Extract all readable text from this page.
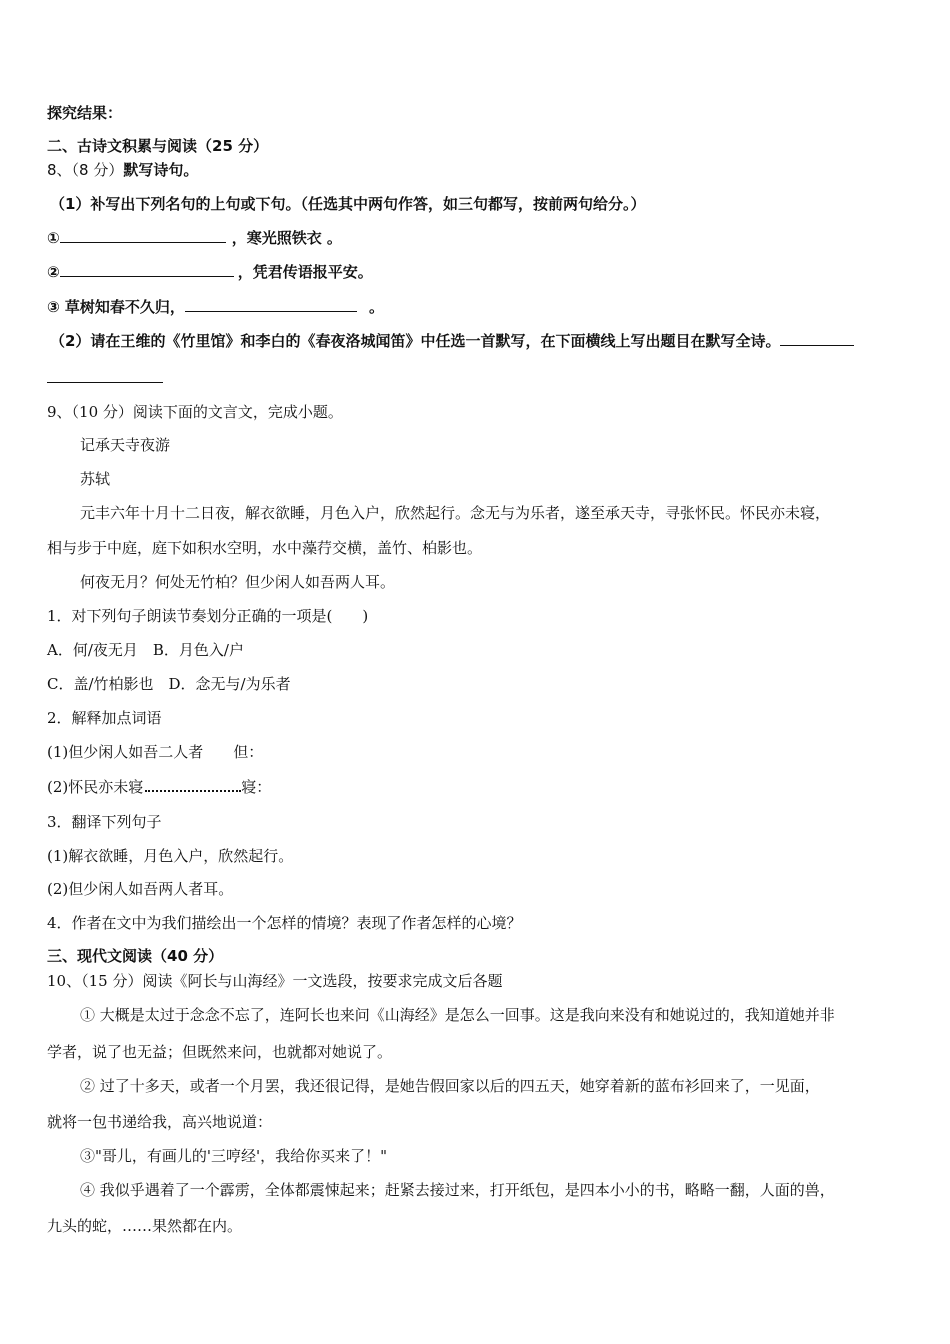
探究结果：
二、古诗文积累与阅读（25 分）
8、（8 分）默写诗句。
（1）补写出下列名句的上句或下句。（任选其中两句作答，如三句都写，按前两句给分。）
①	，寒光照铁衣 。
②	，凭君传语报平安。
③ 草树知春不久归，	。
（2）请在王维的《竹里馆》和李白的《春夜洛城闻笛》中任选一首默写，在下面横线上写出题目在默写全诗。
9、（10 分）阅读下面的文言文，完成小题。
记承天寺夜游
苏轼
元丰六年十月十二日夜，解衣欲睡，月色入户，欣然起行。念无与为乐者，遂至承天寺，寻张怀民。怀民亦未寝，
相与步于中庭，庭下如积水空明，水中藻荇交横，盖竹、柏影也。
何夜无月？何处无竹柏？但少闲人如吾两人耳。
1．对下列句子朗读节奏划分正确的一项是(　　)
A．何/夜无月　B．月色入/户
C．盖/竹柏影也　D．念无与/为乐者
2．解释加点词语
(1)但少闲人如吾二人者　　但：
(2)怀民亦未寝	寝：
3．翻译下列句子
(1)解衣欲睡，月色入户，欣然起行。
(2)但少闲人如吾两人者耳。
4．作者在文中为我们描绘出一个怎样的情境？表现了作者怎样的心境？
三、现代文阅读（40 分）
10、（15 分）阅读《阿长与山海经》一文选段，按要求完成文后各题
① 大概是太过于念念不忘了，连阿长也来问《山海经》是怎么一回事。这是我向来没有和她说过的，我知道她并非
学者，说了也无益；但既然来问，也就都对她说了。
② 过了十多天，或者一个月罢，我还很记得，是她告假回家以后的四五天，她穿着新的蓝布衫回来了，一见面，
就将一包书递给我，高兴地说道：
③"哥儿，有画儿的'三哼经'，我给你买来了！"
④ 我似乎遇着了一个霹雳，全体都震悚起来；赶紧去接过来，打开纸包，是四本小小的书，略略一翻，人面的兽，
九头的蛇，……果然都在内。
